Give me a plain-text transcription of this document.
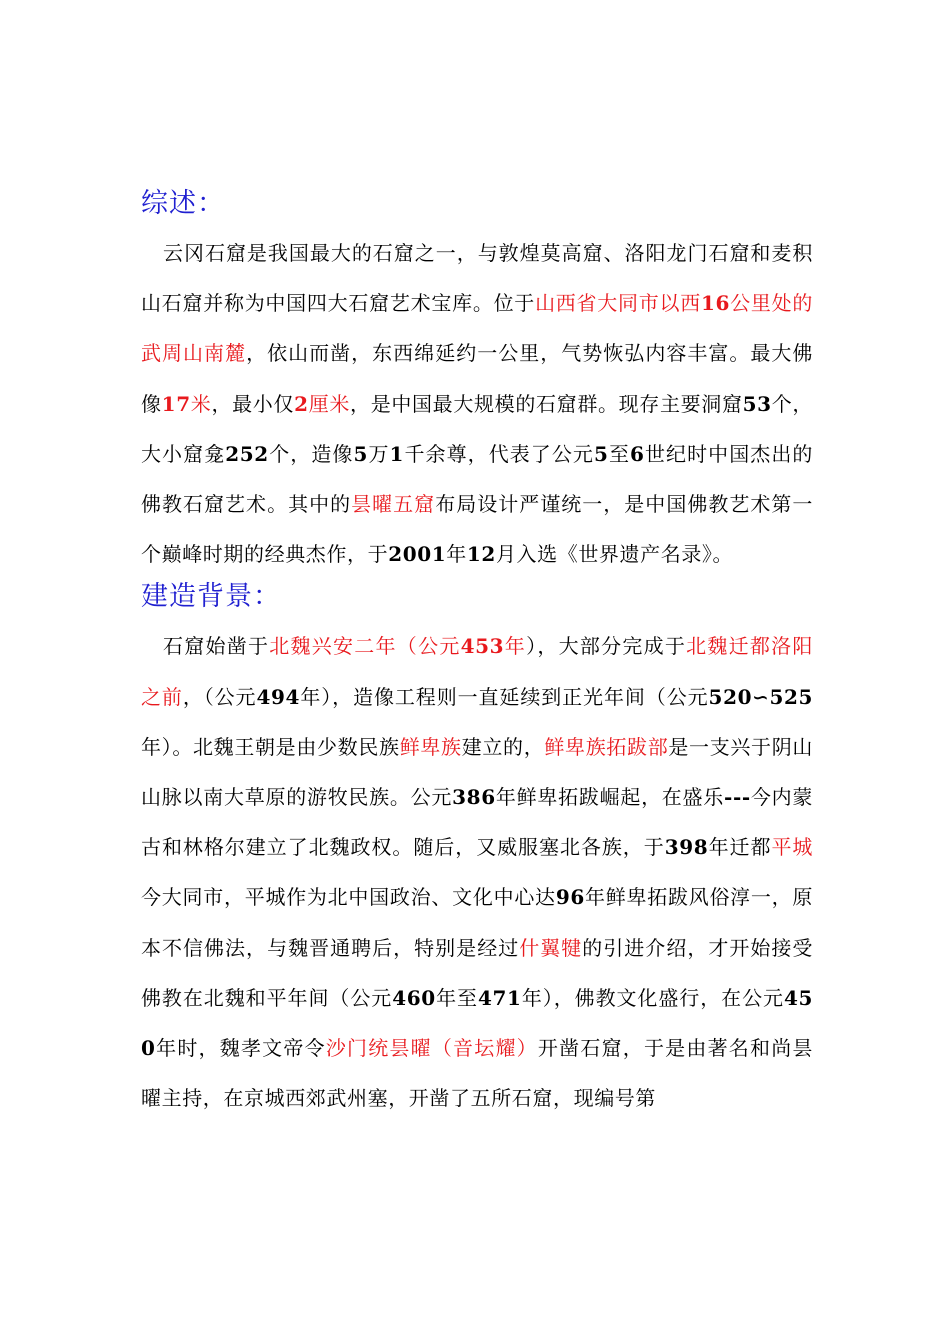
综述：

云冈石窟是我国最大的石窟之一，与敦煌莫高窟、洛阳龙门石窟和麦积山石窟并称为中国四大石窟艺术宝库。位于山西省大同市以西16公里处的武周山南麓，依山而凿，东西绵延约一公里，气势恢弘内容丰富。最大佛像17米，最小仅2厘米，是中国最大规模的石窟群。现存主要洞窟53个，大小窟龛252个，造像5万1千余尊，代表了公元5至6世纪时中国杰出的佛教石窟艺术。其中的昙曜五窟布局设计严谨统一，是中国佛教艺术第一个巅峰时期的经典杰作，于2001年12月入选《世界遗产名录》。

建造背景：

石窟始凿于北魏兴安二年（公元453年），大部分完成于北魏迁都洛阳之前，（公元494年），造像工程则一直延续到正光年间（公元520∽525年）。北魏王朝是由少数民族鲜卑族建立的，鲜卑族拓跋部是一支兴于阴山山脉以南大草原的游牧民族。公元386年鲜卑拓跋崛起，在盛乐---今内蒙古和林格尔建立了北魏政权。随后，又威服塞北各族，于398年迁都平城今大同市，平城作为北中国政治、文化中心达96年鲜卑拓跋风俗淳一，原本不信佛法，与魏晋通聘后，特别是经过什翼犍的引进介绍，才开始接受佛教在北魏和平年间（公元460年至471年），佛教文化盛行，在公元450年时，魏孝文帝令沙门统昙曜（音坛耀）开凿石窟，于是由著名和尚昙曜主持，在京城西郊武州塞，开凿了五所石窟，现编号第
